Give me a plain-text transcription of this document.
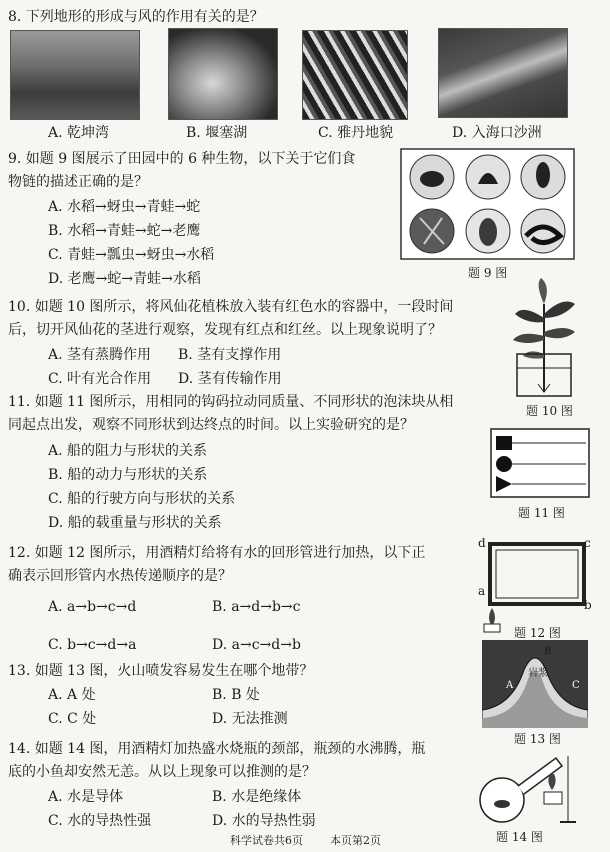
8. 下列地形的形成与风的作用有关的是？
A. 乾坤湾	B. 堰塞湖	C. 雅丹地貌	D. 入海口沙洲
9. 如题 9 图展示了田园中的 6 种生物，以下关于它们食
物链的描述正确的是？
A. 水稻→蚜虫→青蛙→蛇
B. 水稻→青蛙→蛇→老鹰
C. 青蛙→瓢虫→蚜虫→水稻
D. 老鹰→蛇→青蛙→水稻	题 9 图
10. 如题 10 图所示，将风仙花植株放入装有红色水的容器中，一段时间
后，切开风仙花的茎进行观察，发现有红点和红丝。以上现象说明了？
A. 茎有蒸腾作用 B. 茎有支撑作用
C. 叶有光合作用 D. 茎有传输作用
题 10 图
11. 如题 11 图所示，用相同的钩码拉动同质量、不同形状的泡沫块从相
同起点出发，观察不同形状到达终点的时间。以上实验研究的是？
A. 船的阻力与形状的关系
B. 船的动力与形状的关系
C. 船的行驶方向与形状的关系
D. 船的载重量与形状的关系
题 11 图
12. 如题 12 图所示，用酒精灯给将有水的回形管进行加热，以下正
确表示回形管内水热传递顺序的是？
A. a→b→c→d	B. a→d→b→c
C. b→c→d→a	D. a→c→d→b
d	c
a
b
题 12 图
13. 如题 13 图，火山喷发容易发生在哪个地带？
A. A 处	B. B 处
C. C 处	D. 无法推测
岩浆
A
B
C
题 13 图
14. 如题 14 图，用酒精灯加热盛水烧瓶的颈部，瓶颈的水沸腾，瓶
底的小鱼却安然无恙。从以上现象可以推测的是？
A. 水是导体	B. 水是绝缘体
C. 水的导热性强	D. 水的导热性弱
题 14 图
科学试卷共6页 本页第2页
